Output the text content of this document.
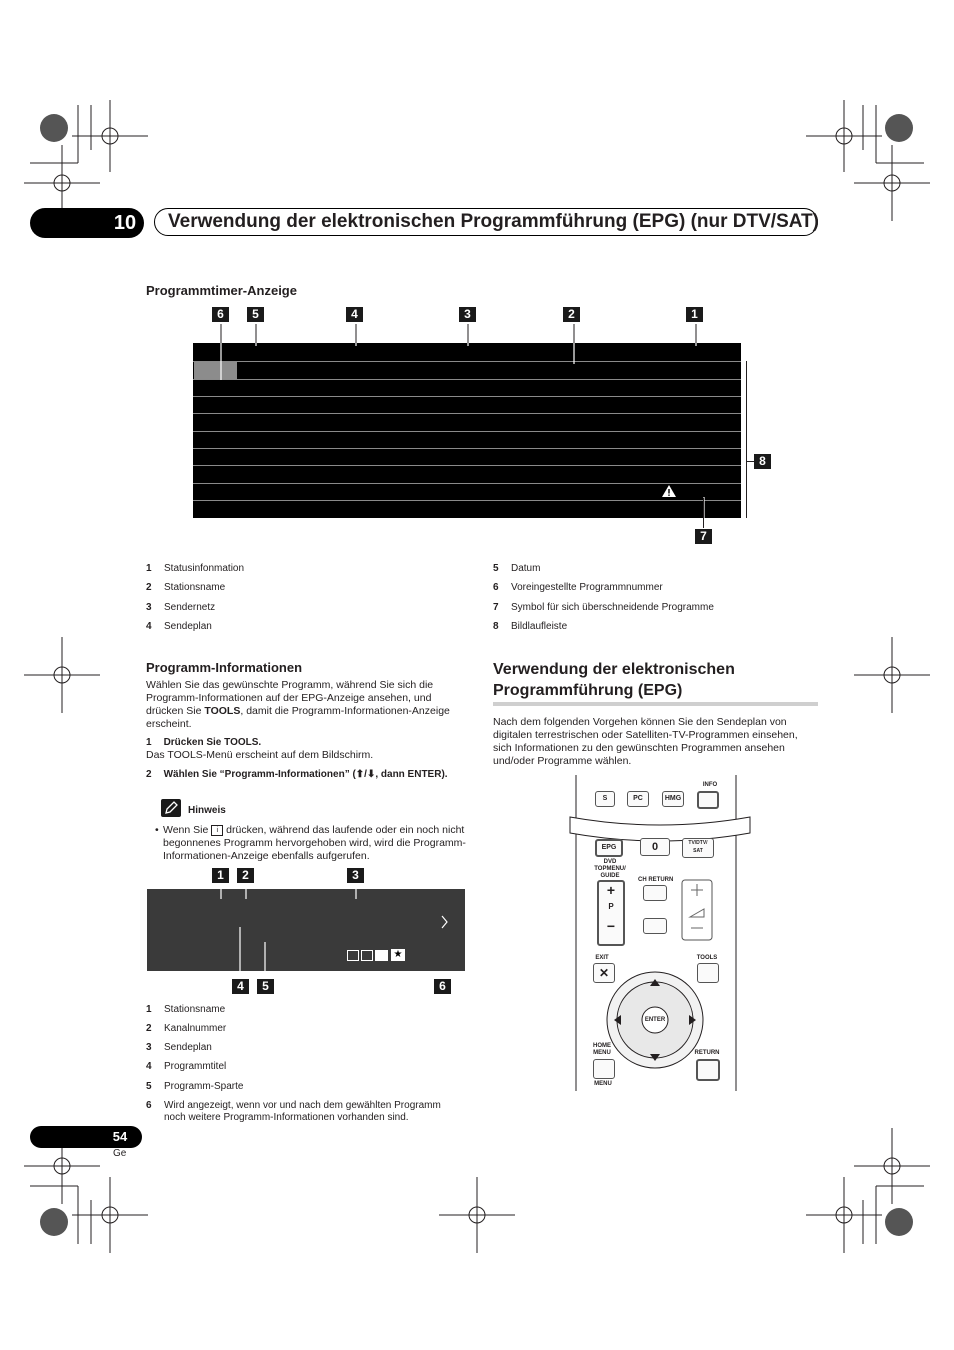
10	Verwendung der elektronischen Programmführung (EPG) (nur DTV/SAT)
Programmtimer-Anzeige
6	5	4	3	2	1
8
7
1 Statusinfonmation
2 Stationsname
3 Sendernetz
4 Sendeplan
5 Datum
6 Voreingestellte Programmnummer
7 Symbol für sich überschneidende Programme
8 Bildlaufleiste
Programm-Informationen
Wählen Sie das gewünschte Programm, während Sie sich die Programm-Informationen auf der EPG-Anzeige ansehen, und drücken Sie TOOLS, damit die Programm-Informationen-Anzeige erscheint.
1 Drücken Sie TOOLS.
Das TOOLS-Menü erscheint auf dem Bildschirm.
2 Wählen Sie “Programm-Informationen” (⬆/⬇, dann ENTER).
Hinweis
• Wenn Sie i drücken, während das laufende oder ein noch nicht begonnenes Programm hervorgehoben wird, wird die Programm-Informationen-Anzeige ebenfalls aufgerufen.
1	2	3
★
4	5	6
1 Stationsname
2 Kanalnummer
3 Sendeplan
4 Programmtitel
5 Programm-Sparte
6 Wird angezeigt, wenn vor und nach dem gewählten Programm noch weitere Programm-Informationen vorhanden sind.
Verwendung der elektronischen
Programmführung (EPG)
Nach dem folgenden Vorgehen können Sie den Sendeplan von digitalen terrestrischen oder Satelliten-TV-Programmen einsehen, sich Informationen zu den gewünschten Programmen ansehen und/oder Programme wählen.
S	PC	HMG
INFO
EPG	0	TV/DTV/ SAT
DVD TOPMENU/ GUIDE
CH RETURN
+
P
−
EXIT
✕
TOOLS
ENTER
HOME MENU
MENU
RETURN
54
Ge
